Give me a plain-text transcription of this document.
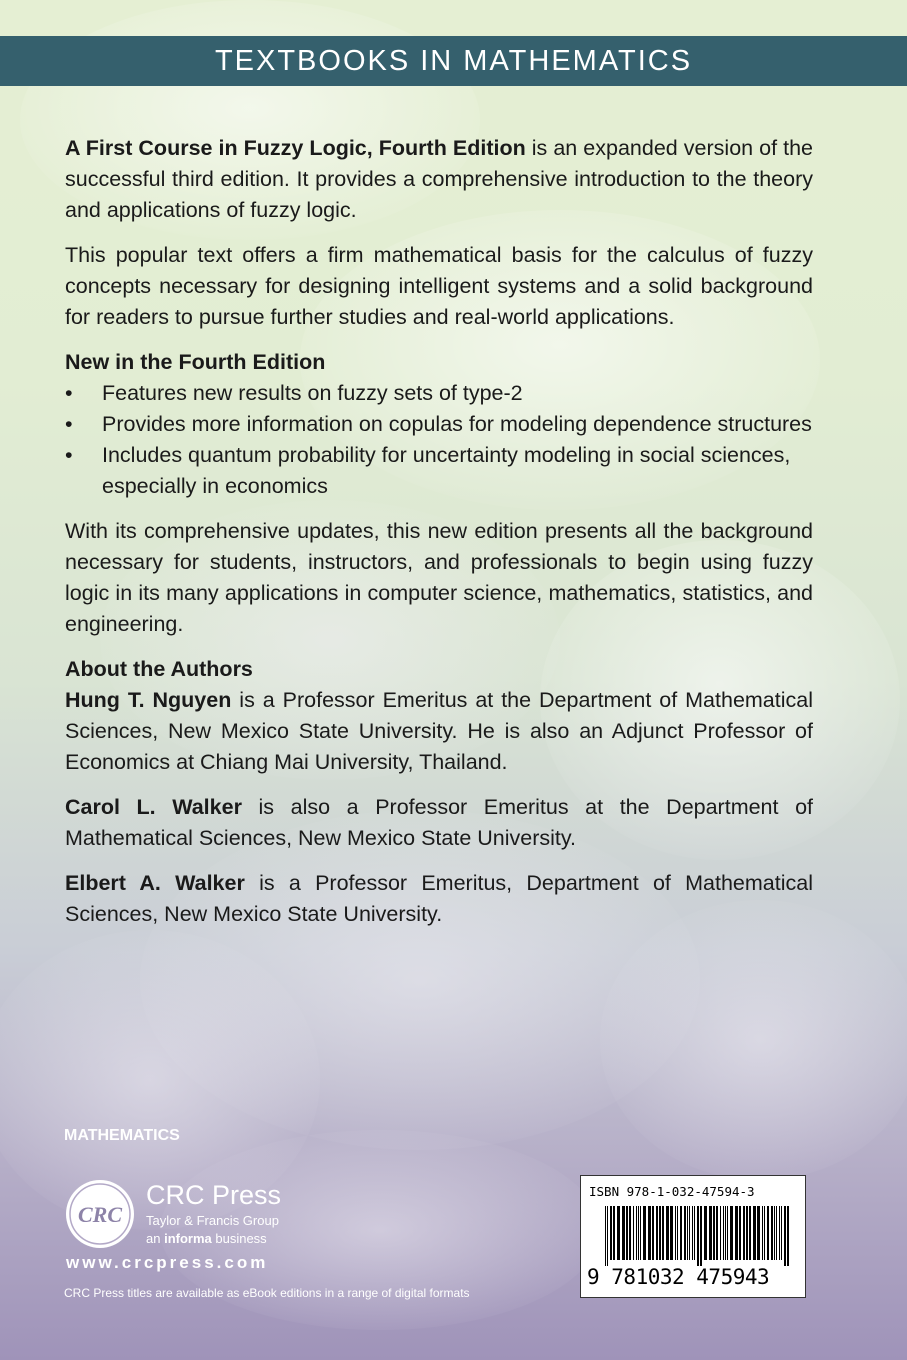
TEXTBOOKS IN MATHEMATICS

A First Course in Fuzzy Logic, Fourth Edition is an expanded version of the successful third edition. It provides a comprehensive introduction to the theory and applications of fuzzy logic.

This popular text offers a firm mathematical basis for the calculus of fuzzy concepts necessary for designing intelligent systems and a solid background for readers to pursue further studies and real-world applications.

New in the Fourth Edition

• Features new results on fuzzy sets of type-2
• Provides more information on copulas for modeling dependence structures
• Includes quantum probability for uncertainty modeling in social sciences, especially in economics

With its comprehensive updates, this new edition presents all the background necessary for students, instructors, and professionals to begin using fuzzy logic in its many applications in computer science, mathematics, statistics, and engineering.

About the Authors

Hung T. Nguyen is a Professor Emeritus at the Department of Mathematical Sciences, New Mexico State University. He is also an Adjunct Professor of Economics at Chiang Mai University, Thailand.

Carol L. Walker is also a Professor Emeritus at the Department of Mathematical Sciences, New Mexico State University.

Elbert A. Walker is a Professor Emeritus, Department of Mathematical Sciences, New Mexico State University.

MATHEMATICS
CRC
CRC Press
Taylor & Francis Group
an informa business
www.crcpress.com
CRC Press titles are available as eBook editions in a range of digital formats
ISBN 978-1-032-47594-3
9 781032 475943
